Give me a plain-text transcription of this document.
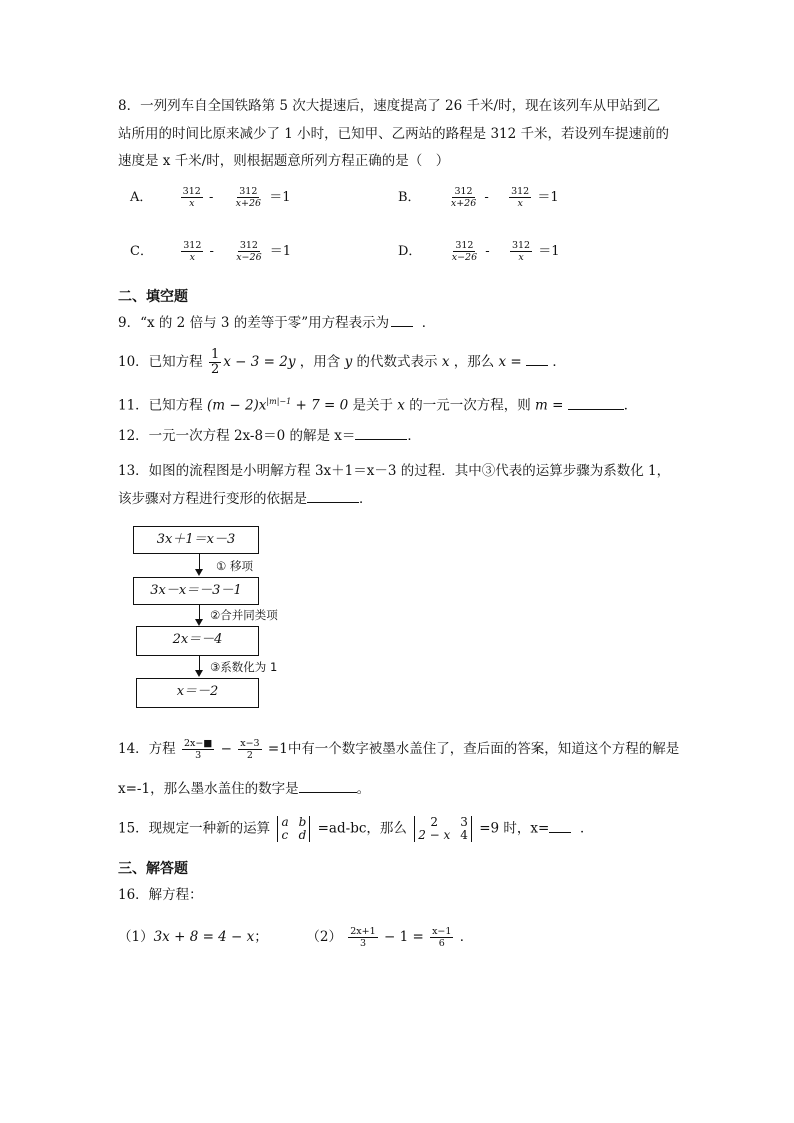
8．一列列车自全国铁路第 5 次大提速后，速度提高了 26 千米/时，现在该列车从甲站到乙
站所用的时间比原来减少了 1 小时，已知甲、乙两站的路程是 312 千米，若设列车提速前的
速度是 x 千米/时，则根据题意所列方程正确的是（　）
A．	$\frac{312}{x} - \frac{312}{x+26} =1$	B．	$\frac{312}{x+26} - \frac{312}{x} =1$
C．	$\frac{312}{x} - \frac{312}{x-26} =1$	D．	$\frac{312}{x-26} - \frac{312}{x} =1$
二、填空题
9．“x 的 2 倍与 3 的差等于零”用方程表示为  ．
10．已知方程 $\frac{1}{2}$ x − 3 = 2y ，用含 y 的代数式表示 x ，那么 x = ．
11．已知方程 $(m - 2)x^{|m|-1} + 7 = 0$ 是关于 x 的一元一次方程，则 m =	．
12．一元一次方程 2x-8＝0 的解是 x＝	．
13．如图的流程图是小明解方程 3x＋1＝x－3 的过程．其中③代表的运算步骤为系数化 1，
该步骤对方程进行变形的依据是	．
3x＋1＝x－3
① 移项
3x－x＝－3－1
②合并同类项
2x＝－4
③系数化为 1
x＝－2
14．方程 $\frac{2x-■}{3} - \frac{x-3}{2} =1$中有一个数字被墨水盖住了，查后面的答案，知道这个方程的解是
x=-1，那么墨水盖住的数字是	。
15．现规定一种新的运算 a b
c d =ad-bc，那么	2	3
2 − x 4 =9 时，x= ．
三、解答题
16．解方程：
（1）3x + 8 = 4 − x；	$(2) \frac{2x+1}{3} - 1 = \frac{x-1}{6}$ ．
